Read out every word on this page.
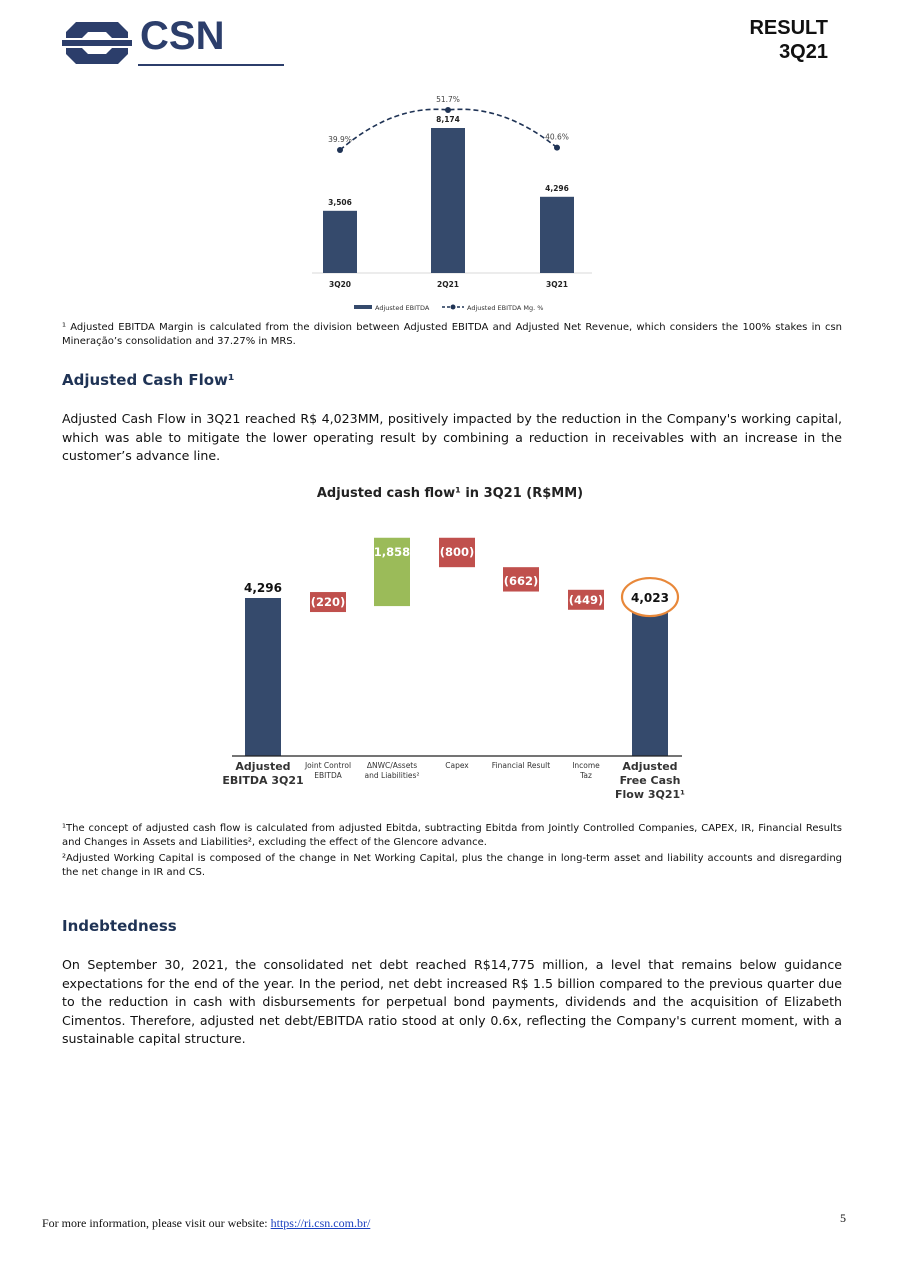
CSN	RESULT
3Q21
3,506
3Q20
8,174
2Q21
4,296
3Q21
39.9%
51.7%
40.6%
Adjusted EBITDA	Adjusted EBITDA Mg. %
¹ Adjusted EBITDA Margin is calculated from the division between Adjusted EBITDA and Adjusted Net Revenue, which considers the 100% stakes in csn Mineração’s consolidation and 37.27% in MRS.
Adjusted Cash Flow¹
Adjusted Cash Flow in 3Q21 reached R$ 4,023MM, positively impacted by the reduction in the Company's working capital, which was able to mitigate the lower operating result by combining a reduction in receivables with an increase in the customer’s advance line.
Adjusted cash flow¹ in 3Q21 (R$MM)
4,296
(220)
1,858	(800)
(662)
(449) 4,023
Adjusted
EBITDA 3Q21
Joint Control
EBITDA
ΔNWC/Assets
and Liabilities²
Capex	Financial Result	Income
Taz
Adjusted
Free Cash
Flow 3Q21¹
¹The concept of adjusted cash flow is calculated from adjusted Ebitda, subtracting Ebitda from Jointly Controlled Companies, CAPEX, IR, Financial Results and Changes in Assets and Liabilities², excluding the effect of the Glencore advance.
²Adjusted Working Capital is composed of the change in Net Working Capital, plus the change in long-term asset and liability accounts and disregarding the net change in IR and CS.
Indebtedness
On September 30, 2021, the consolidated net debt reached R$14,775 million, a level that remains below guidance expectations for the end of the year. In the period, net debt increased R$ 1.5 billion compared to the previous quarter due to the reduction in cash with disbursements for perpetual bond payments, dividends and the acquisition of Elizabeth Cimentos. Therefore, adjusted net debt/EBITDA ratio stood at only 0.6x, reflecting the Company's current moment, with a sustainable capital structure.
For more information, please visit our website: https://ri.csn.com.br/	5
